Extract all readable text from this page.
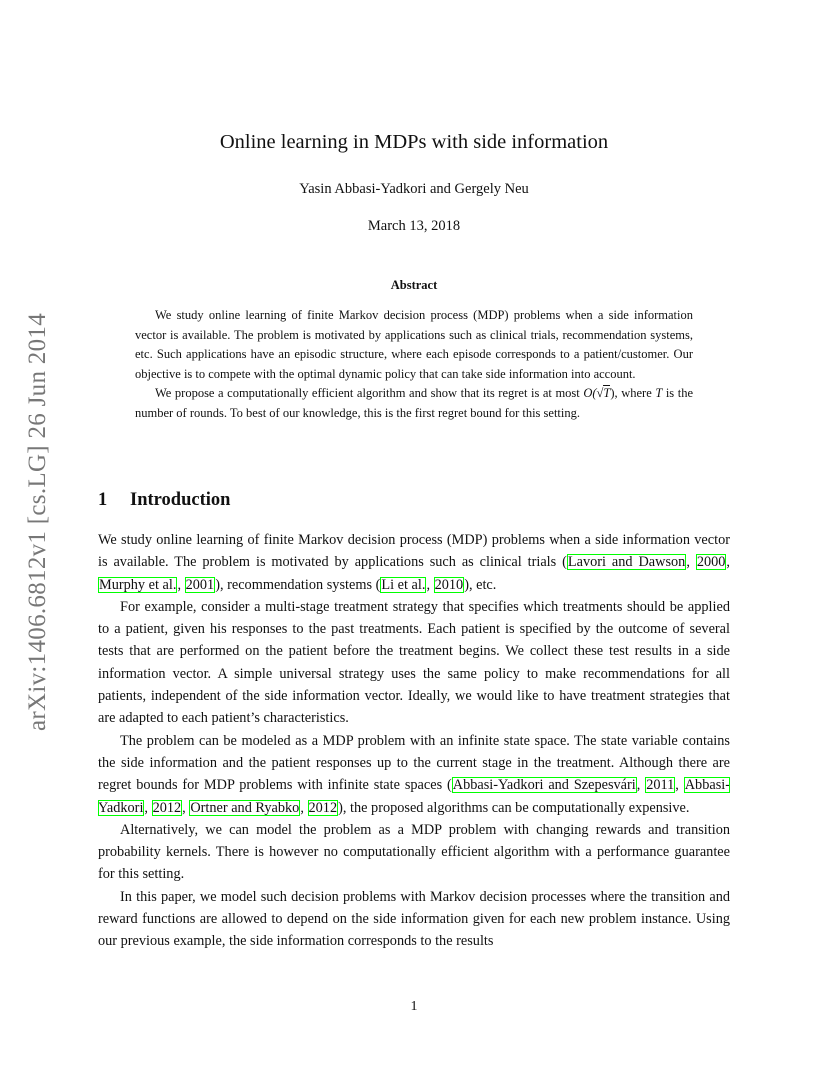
arXiv:1406.6812v1 [cs.LG] 26 Jun 2014
Online learning in MDPs with side information
Yasin Abbasi-Yadkori and Gergely Neu
March 13, 2018
Abstract

We study online learning of finite Markov decision process (MDP) problems when a side information vector is available. The problem is motivated by applications such as clinical trials, recommendation systems, etc. Such applications have an episodic structure, where each episode corresponds to a patient/customer. Our objective is to compete with the optimal dynamic policy that can take side information into account.

We propose a computationally efficient algorithm and show that its regret is at most O(√T), where T is the number of rounds. To best of our knowledge, this is the first regret bound for this setting.

1 Introduction

We study online learning of finite Markov decision process (MDP) problems when a side information vector is available. The problem is motivated by applications such as clinical trials (Lavori and Dawson, 2000, Murphy et al., 2001), recommendation systems (Li et al., 2010), etc.

For example, consider a multi-stage treatment strategy that specifies which treatments should be applied to a patient, given his responses to the past treatments. Each patient is specified by the outcome of several tests that are performed on the patient before the treatment begins. We collect these test results in a side information vector. A simple universal strategy uses the same policy to make recommendations for all patients, independent of the side information vector. Ideally, we would like to have treatment strategies that are adapted to each patient’s characteristics.

The problem can be modeled as a MDP problem with an infinite state space. The state variable contains the side information and the patient responses up to the current stage in the treatment. Although there are regret bounds for MDP problems with infinite state spaces (Abbasi-Yadkori and Szepesvári, 2011, Abbasi-Yadkori, 2012, Ortner and Ryabko, 2012), the proposed algorithms can be computationally expensive.

Alternatively, we can model the problem as a MDP problem with changing rewards and transition probability kernels. There is however no computationally efficient algorithm with a performance guarantee for this setting.

In this paper, we model such decision problems with Markov decision processes where the transition and reward functions are allowed to depend on the side information given for each new problem instance. Using our previous example, the side information corresponds to the results

1
